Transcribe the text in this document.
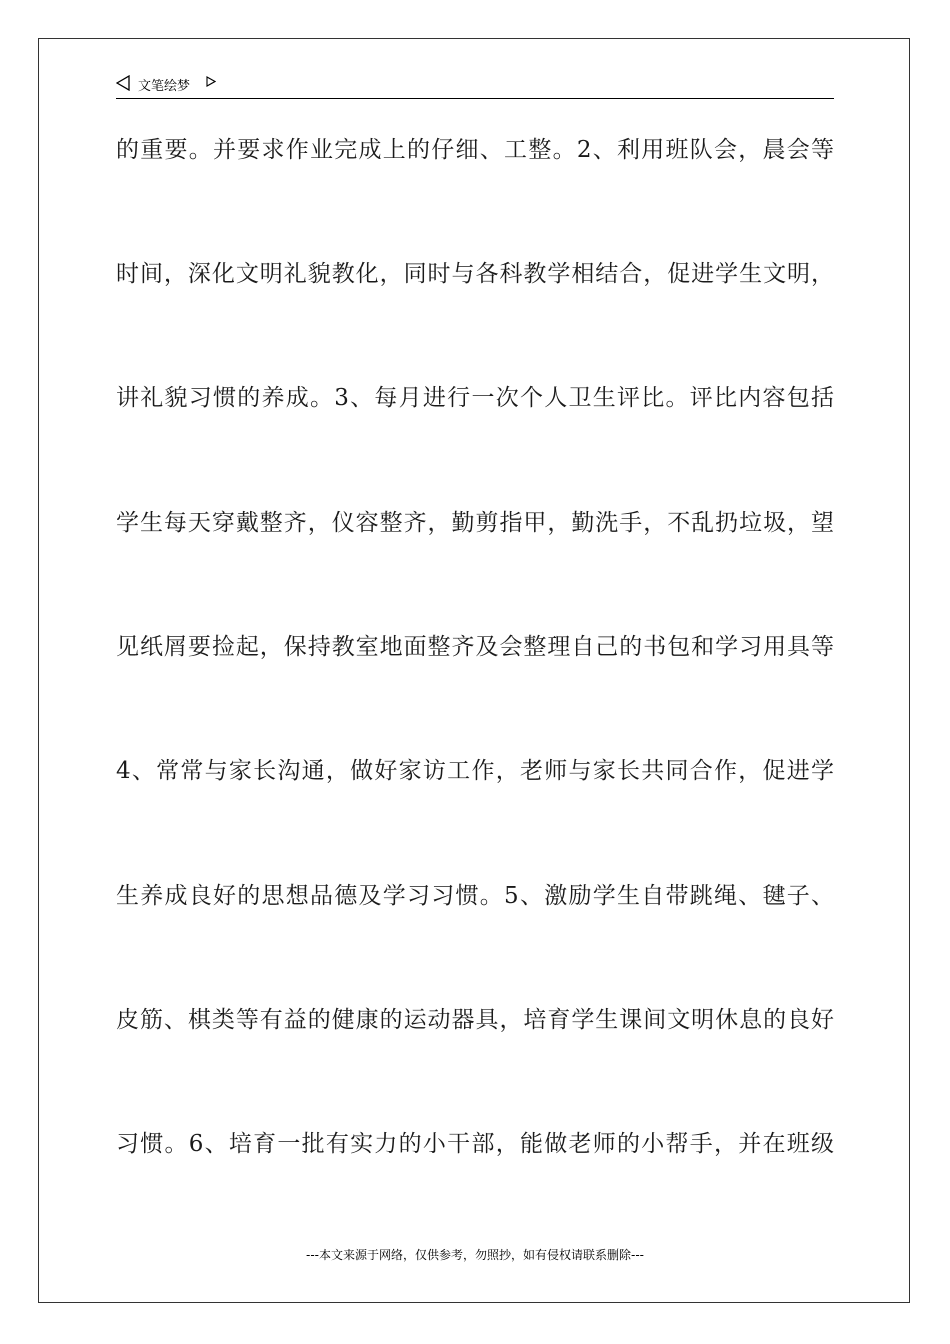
文笔绘梦
的重要。并要求作业完成上的仔细、工整。2、利用班队会，晨会等
时间，深化文明礼貌教化，同时与各科教学相结合，促进学生文明，
讲礼貌习惯的养成。3、每月进行一次个人卫生评比。评比内容包括
学生每天穿戴整齐，仪容整齐，勤剪指甲，勤洗手，不乱扔垃圾，望
见纸屑要捡起，保持教室地面整齐及会整理自己的书包和学习用具等
4、常常与家长沟通，做好家访工作，老师与家长共同合作，促进学
生养成良好的思想品德及学习习惯。5、激励学生自带跳绳、毽子、
皮筋、棋类等有益的健康的运动器具，培育学生课间文明休息的良好
习惯。6、培育一批有实力的小干部，能做老师的小帮手，并在班级
---本文来源于网络，仅供参考，勿照抄，如有侵权请联系删除---
